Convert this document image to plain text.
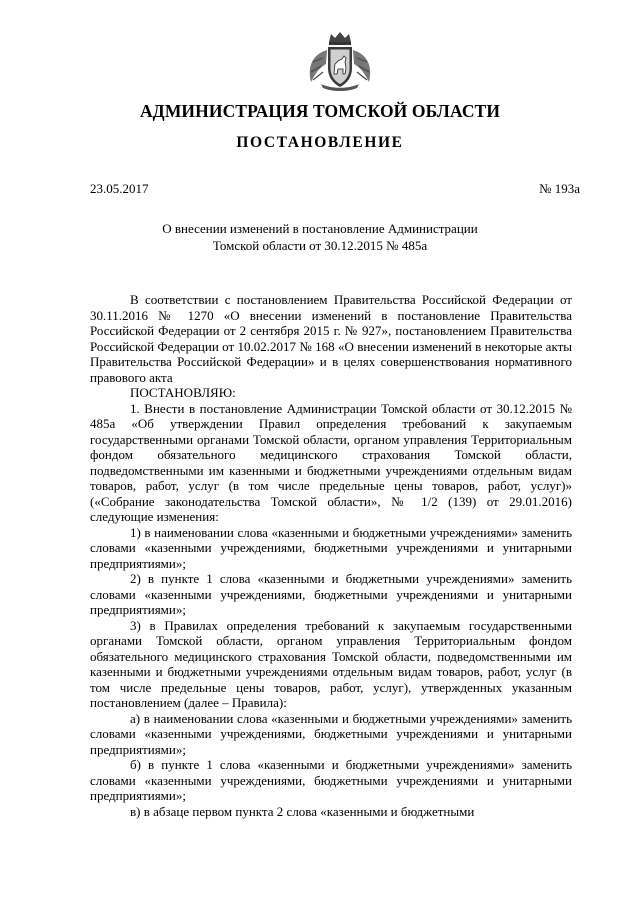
АДМИНИСТРАЦИЯ ТОМСКОЙ ОБЛАСТИ
ПОСТАНОВЛЕНИЕ
23.05.2017	№ 193а
О внесении изменений в постановление Администрации
Томской области от 30.12.2015 № 485а

В соответствии с постановлением Правительства Российской Федерации от 30.11.2016 № 1270 «О внесении изменений в постановление Правительства Российской Федерации от 2 сентября 2015 г. № 927», постановлением Правительства Российской Федерации от 10.02.2017 № 168 «О внесении изменений в некоторые акты Правительства Российской Федерации» и в целях совершенствования нормативного правового акта

ПОСТАНОВЛЯЮ:

1. Внести в постановление Администрации Томской области от 30.12.2015 № 485а «Об утверждении Правил определения требований к закупаемым государственными органами Томской области, органом управления Территориальным фондом обязательного медицинского страхования Томской области, подведомственными им казенными и бюджетными учреждениями отдельным видам товаров, работ, услуг (в том числе предельные цены товаров, работ, услуг)» («Собрание законодательства Томской области», № 1/2 (139) от 29.01.2016) следующие изменения:

1) в наименовании слова «казенными и бюджетными учреждениями» заменить словами «казенными учреждениями, бюджетными учреждениями и унитарными предприятиями»;

2) в пункте 1 слова «казенными и бюджетными учреждениями» заменить словами «казенными учреждениями, бюджетными учреждениями и унитарными предприятиями»;

3) в Правилах определения требований к закупаемым государственными органами Томской области, органом управления Территориальным фондом обязательного медицинского страхования Томской области, подведомственными им казенными и бюджетными учреждениями отдельным видам товаров, работ, услуг (в том числе предельные цены товаров, работ, услуг), утвержденных указанным постановлением (далее – Правила):

а) в наименовании слова «казенными и бюджетными учреждениями» заменить словами «казенными учреждениями, бюджетными учреждениями и унитарными предприятиями»;

б) в пункте 1 слова «казенными и бюджетными учреждениями» заменить словами «казенными учреждениями, бюджетными учреждениями и унитарными предприятиями»;

в) в абзаце первом пункта 2 слова «казенными и бюджетными
